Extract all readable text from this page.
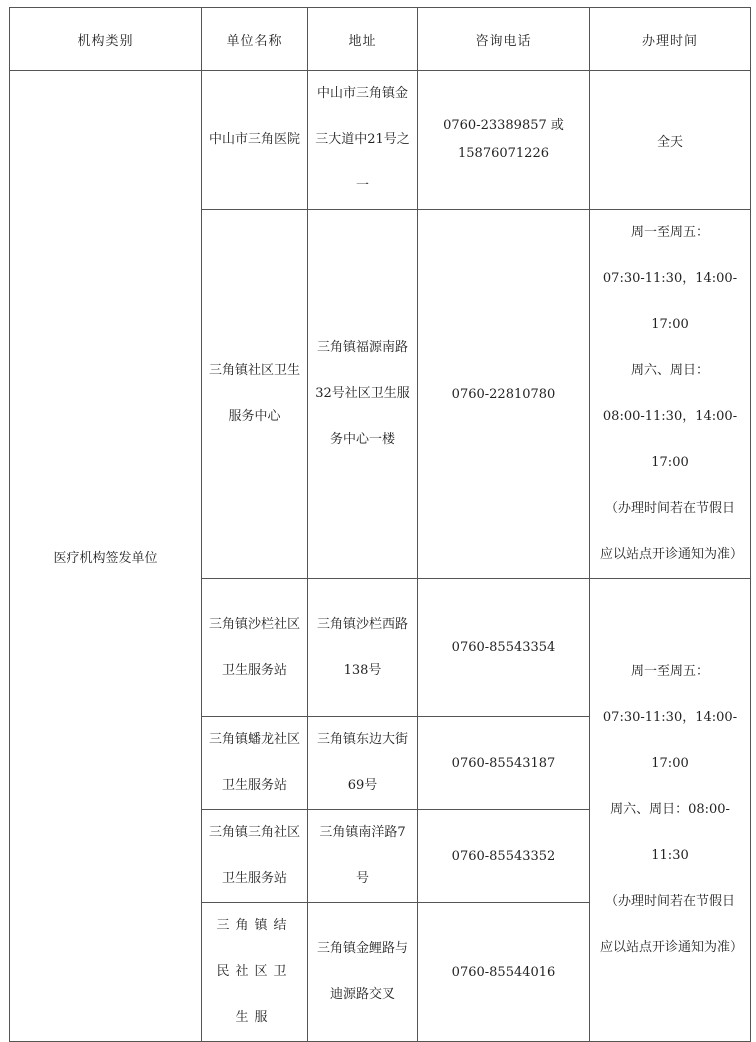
机构类别	单位名称	地址	咨询电话	办理时间
医疗机构签发单位	中山市三角医院	中山市三角镇金三大道中21号之一	0760-23389857 或 15876071226	全天

	三角镇社区卫生服务中心	三角镇福源南路32号社区卫生服务中心一楼	0760-22810780	周一至周五：
07:30-11:30，14:00-17:00
周六、周日：
08:00-11:30，14:00-17:00
（办理时间若在节假日应以站点开诊通知为准）

	三角镇沙栏社区卫生服务站	三角镇沙栏西路138号	0760-85543354	周一至周五：
07:30-11:30，14:00-17:00
周六、周日：08:00-11:30
（办理时间若在节假日应以站点开诊通知为准）

	三角镇蟠龙社区卫生服务站	三角镇东边大街69号	0760-85543187	

	三角镇三角社区卫生服务站	三角镇南洋路7号	0760-85543352	

	三角镇结民社区卫生服	三角镇金鲤路与迪源路交叉	0760-85544016	
